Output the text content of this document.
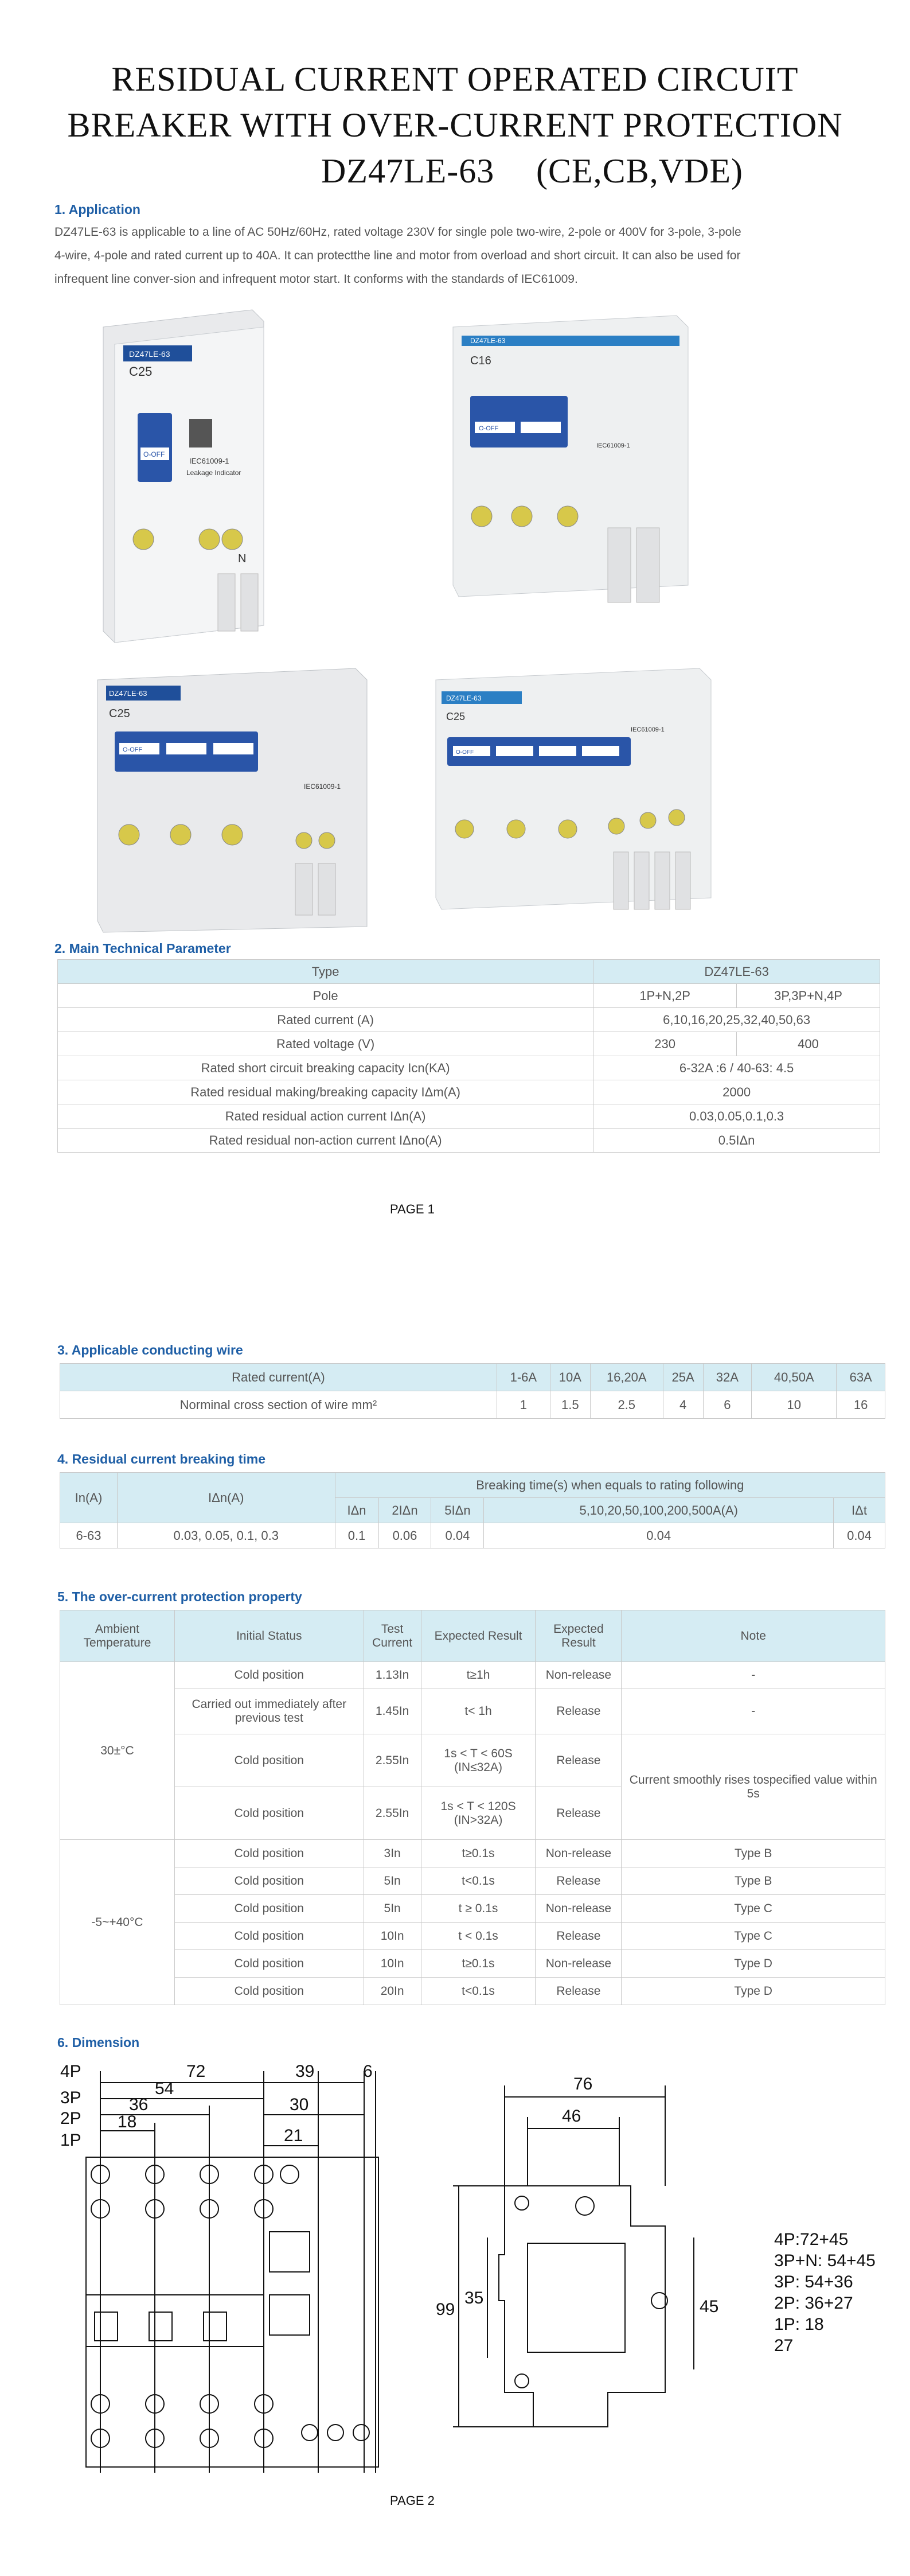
RESIDUAL CURRENT OPERATED CIRCUIT
BREAKER WITH OVER-CURRENT PROTECTION
DZ47LE-63 (CE,CB,VDE)
1. Application
DZ47LE-63 is applicable to a line of AC 50Hz/60Hz, rated voltage 230V for single pole two-wire, 2-pole or 400V for 3-pole, 3-pole
4-wire, 4-pole and rated current up to 40A. It can protectthe line and motor from overload and short circuit. It can also be used for
infrequent line conver-sion and infrequent motor start. It conforms with the standards of IEC61009.
DZ47LE-63
C25
O-OFF
IEC61009-1
Leakage Indicator
N
DZ47LE-63
C16
O-OFF
IEC61009-1
DZ47LE-63
C25
O-OFF
IEC61009-1
DZ47LE-63
C25
O-OFF
IEC61009-1
2. Main Technical Parameter
Type	DZ47LE-63	
Pole	1P+N,2P	3P,3P+N,4P
Rated current (A)	6,10,16,20,25,32,40,50,63	
Rated voltage (V)	230	400
Rated short circuit breaking capacity Icn(KA)	6-32A :6 / 40-63: 4.5	
Rated residual making/breaking capacity IΔm(A)	2000	
Rated residual action current IΔn(A)	0.03,0.05,0.1,0.3	
Rated residual non-action current IΔno(A)	0.5IΔn	
PAGE 1
3. Applicable conducting wire
Rated current(A)	1-6A	10A	16,20A	25A	32A	40,50A	63A
Norminal cross section of wire mm²	1	1.5	2.5	4	6	10	16
4. Residual current breaking time
In(A)	IΔn(A)	Breaking time(s) when equals to rating following				
		IΔn	2IΔn	5IΔn	5,10,20,50,100,200,500A(A)	IΔt
6-63	0.03, 0.05, 0.1, 0.3	0.1	0.06	0.04	0.04	0.04
5. The over-current protection property
Ambient Temperature	Initial Status	Test Current	Expected Result	Expected Result	Note
30±°C	Cold position	1.13In	t≥1h	Non-release	-
	Carried out immediately after previous test	1.45In	t< 1h	Release	-
	Cold position	2.55In	1s < T < 60S (IN≤32A)	Release	Current smoothly rises tospecified value within 5s
	Cold position	2.55In	1s < T < 120S (IN>32A)	Release	
-5~+40°C	Cold position	3In	t≥0.1s	Non-release	Type B
	Cold position	5In	t<0.1s	Release	Type B
	Cold position	5In	t ≥ 0.1s	Non-release	Type C
	Cold position	10In	t < 0.1s	Release	Type C
	Cold position	10In	t≥0.1s	Non-release	Type D
	Cold position	20In	t<0.1s	Release	Type D
6. Dimension
4P
3P
2P
1P
72
54
36
18
39
30
21
6
76
46
35
99	45
4P:72+45
3P+N: 54+45
3P: 54+36
2P: 36+27
1P: 18
27
PAGE 2
